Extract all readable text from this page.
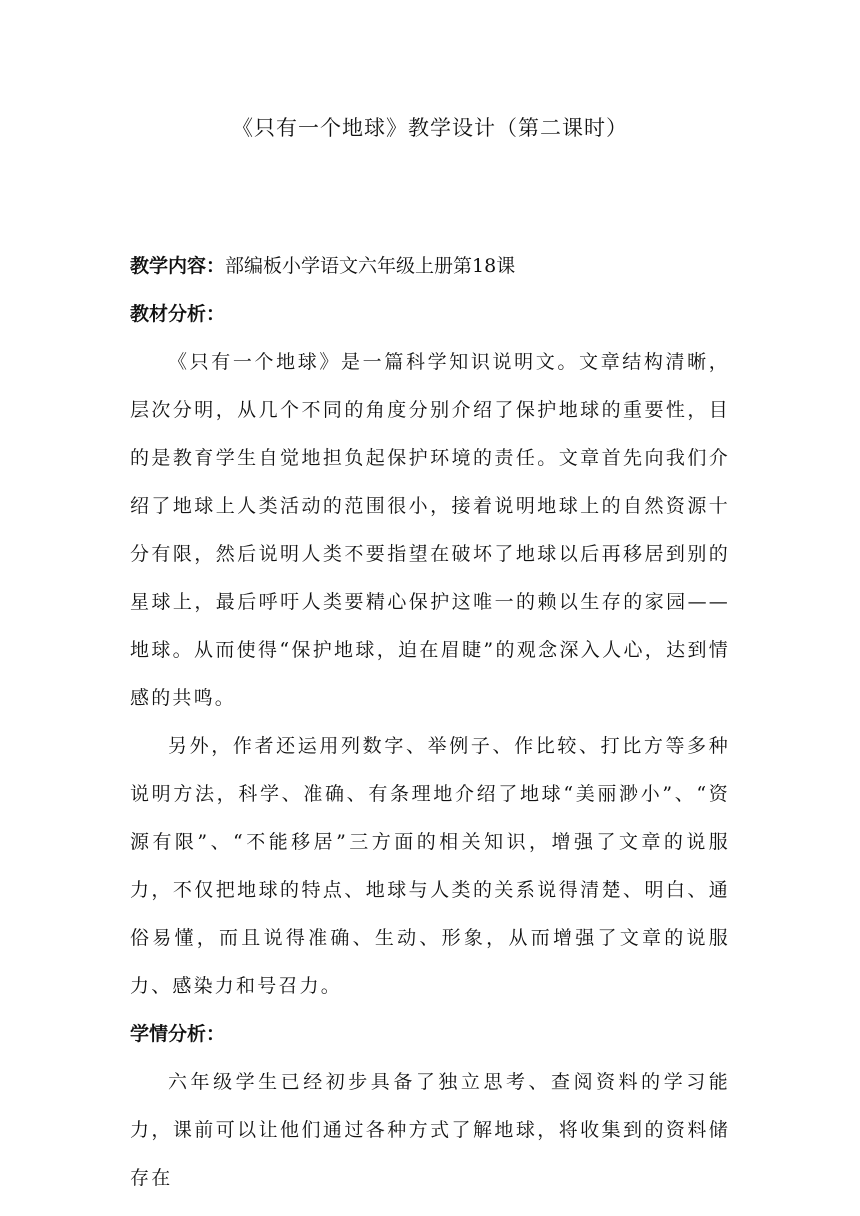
《只有一个地球》教学设计（第二课时）

教学内容：部编板小学语文六年级上册第18课

教材分析：

《只有一个地球》是一篇科学知识说明文。文章结构清晰，层次分明，从几个不同的角度分别介绍了保护地球的重要性，目的是教育学生自觉地担负起保护环境的责任。文章首先向我们介绍了地球上人类活动的范围很小，接着说明地球上的自然资源十分有限，然后说明人类不要指望在破坏了地球以后再移居到别的星球上，最后呼吁人类要精心保护这唯一的赖以生存的家园——地球。从而使得“保护地球，迫在眉睫”的观念深入人心，达到情感的共鸣。

另外，作者还运用列数字、举例子、作比较、打比方等多种说明方法，科学、准确、有条理地介绍了地球“美丽渺小”、“资源有限”、“不能移居”三方面的相关知识，增强了文章的说服力，不仅把地球的特点、地球与人类的关系说得清楚、明白、通俗易懂，而且说得准确、生动、形象，从而增强了文章的说服力、感染力和号召力。

学情分析：

六年级学生已经初步具备了独立思考、查阅资料的学习能力，课前可以让他们通过各种方式了解地球，将收集到的资料储存在
